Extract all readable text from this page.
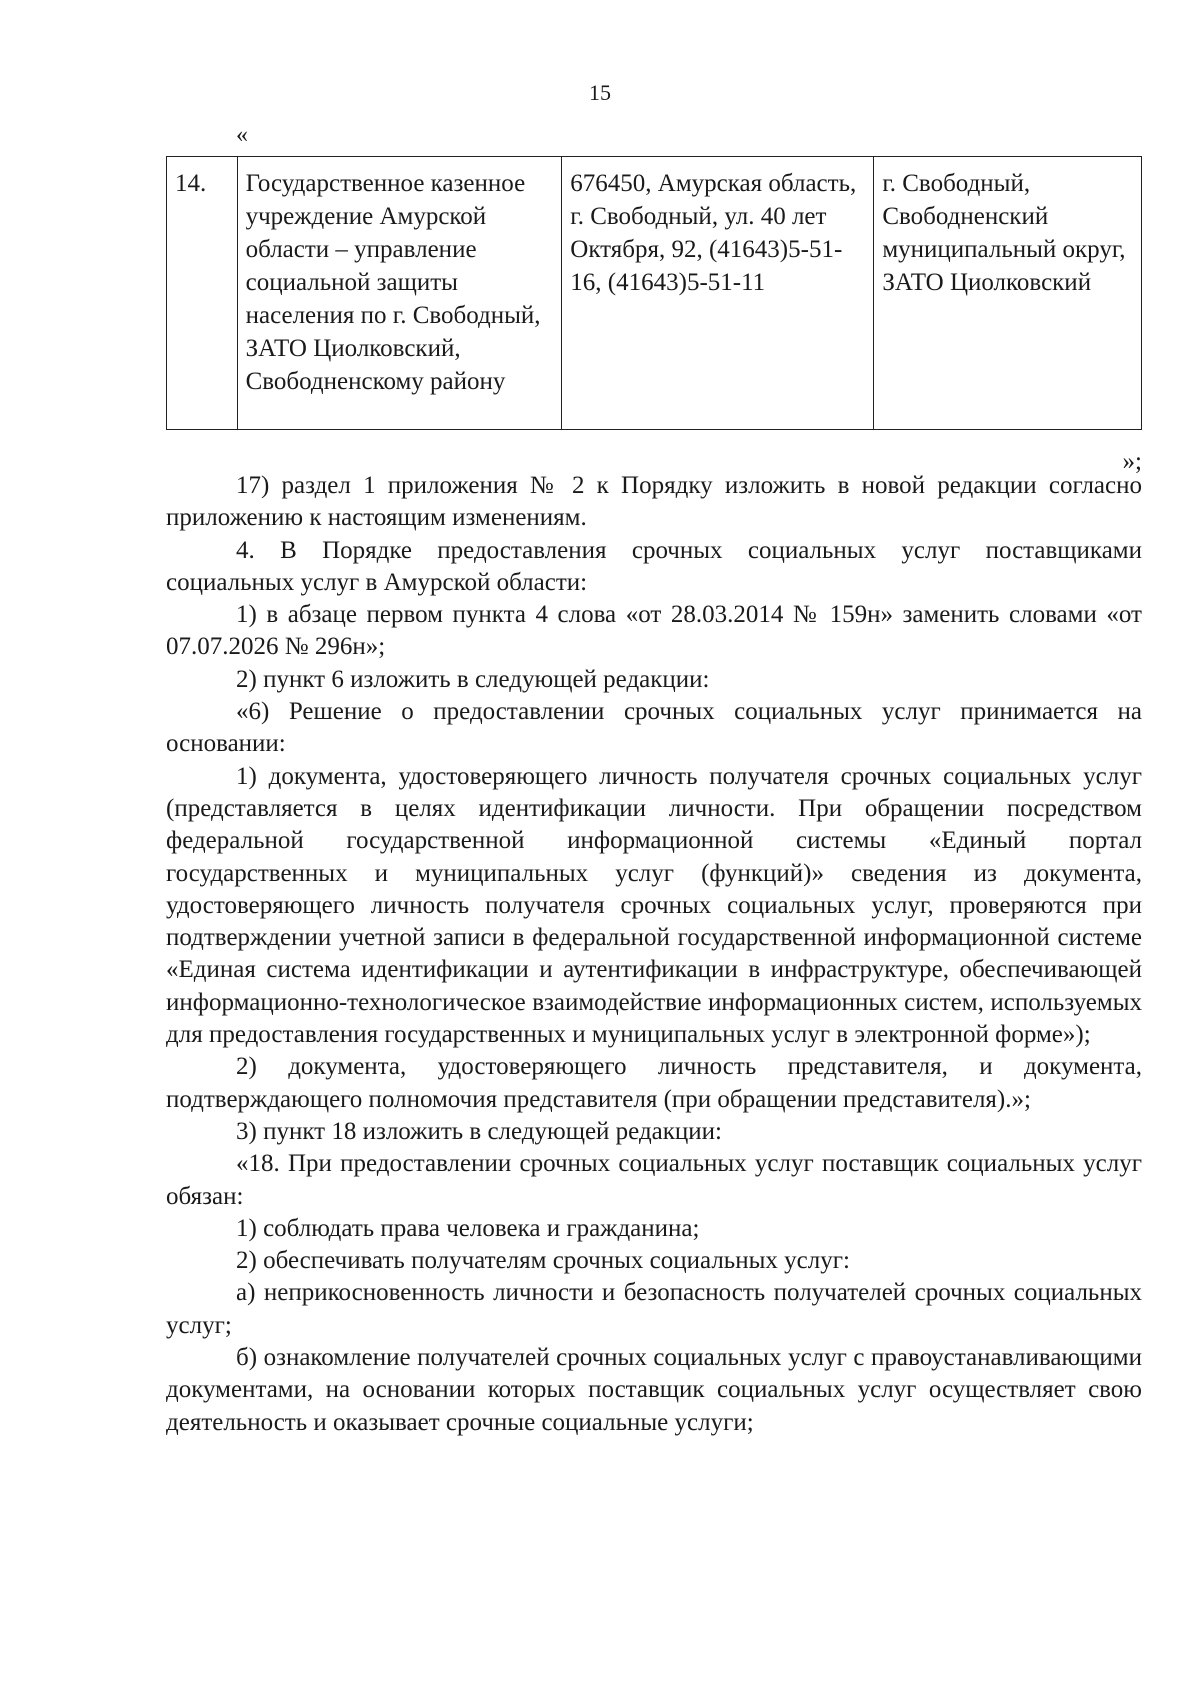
15
«
14.	Государственное казенное учреждение Амурской области – управление социальной защиты населения по г. Свободный, ЗАТО Циолковский, Свободненскому району	676450, Амурская область, г. Свободный, ул. 40 лет Октября, 92, (41643)5-51-16, (41643)5-51-11	г. Свободный, Свободненский муниципальный округ, ЗАТО Циолковский
»;

17) раздел 1 приложения № 2 к Порядку изложить в новой редакции согласно приложению к настоящим изменениям.

4. В Порядке предоставления срочных социальных услуг поставщиками социальных услуг в Амурской области:

1) в абзаце первом пункта 4 слова «от 28.03.2014 № 159н» заменить словами «от 07.07.2026 № 296н»;

2) пункт 6 изложить в следующей редакции:

«6) Решение о предоставлении срочных социальных услуг принимается на основании:

1) документа, удостоверяющего личность получателя срочных социальных услуг (представляется в целях идентификации личности. При обращении посредством федеральной государственной информационной системы «Единый портал государственных и муниципальных услуг (функций)» сведения из документа, удостоверяющего личность получателя срочных социальных услуг, проверяются при подтверждении учетной записи в федеральной государственной информационной системе «Единая система идентификации и аутентификации в инфраструктуре, обеспечивающей информационно-технологическое взаимодействие информационных систем, используемых для предоставления государственных и муниципальных услуг в электронной форме»);

2) документа, удостоверяющего личность представителя, и документа, подтверждающего полномочия представителя (при обращении представителя).»;

3) пункт 18 изложить в следующей редакции:

«18. При предоставлении срочных социальных услуг поставщик социальных услуг обязан:

1) соблюдать права человека и гражданина;

2) обеспечивать получателям срочных социальных услуг:

а) неприкосновенность личности и безопасность получателей срочных социальных услуг;

б) ознакомление получателей срочных социальных услуг с правоустанавливающими документами, на основании которых поставщик социальных услуг осуществляет свою деятельность и оказывает срочные социальные услуги;
